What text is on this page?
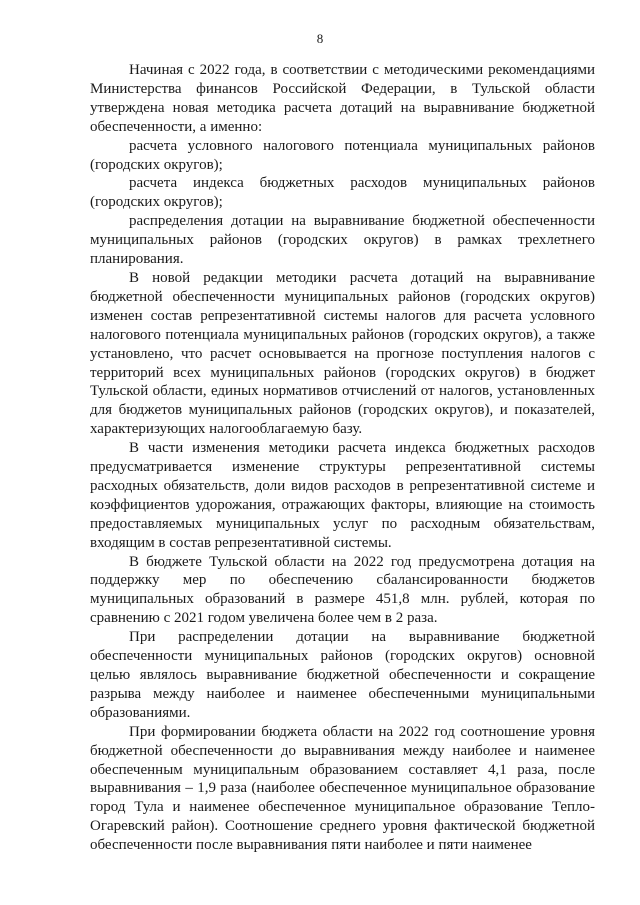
8

Начиная с 2022 года, в соответствии с методическими рекомендациями Министерства финансов Российской Федерации, в Тульской области утверждена новая методика расчета дотаций на выравнивание бюджетной обеспеченности, а именно:

расчета условного налогового потенциала муниципальных районов (городских округов);

расчета индекса бюджетных расходов муниципальных районов (городских округов);

распределения дотации на выравнивание бюджетной обеспеченности муниципальных районов (городских округов) в рамках трехлетнего планирования.

В новой редакции методики расчета дотаций на выравнивание бюджетной обеспеченности муниципальных районов (городских округов) изменен состав репрезентативной системы налогов для расчета условного налогового потенциала муниципальных районов (городских округов), а также установлено, что расчет основывается на прогнозе поступления налогов с территорий всех муниципальных районов (городских округов) в бюджет Тульской области, единых нормативов отчислений от налогов, установленных для бюджетов муниципальных районов (городских округов), и показателей, характеризующих налогооблагаемую базу.

В части изменения методики расчета индекса бюджетных расходов предусматривается изменение структуры репрезентативной системы расходных обязательств, доли видов расходов в репрезентативной системе и коэффициентов удорожания, отражающих факторы, влияющие на стоимость предоставляемых муниципальных услуг по расходным обязательствам, входящим в состав репрезентативной системы.

В бюджете Тульской области на 2022 год предусмотрена дотация на поддержку мер по обеспечению сбалансированности бюджетов муниципальных образований в размере 451,8 млн. рублей, которая по сравнению с 2021 годом увеличена более чем в 2 раза.

При распределении дотации на выравнивание бюджетной обеспеченности муниципальных районов (городских округов) основной целью являлось выравнивание бюджетной обеспеченности и сокращение разрыва между наиболее и наименее обеспеченными муниципальными образованиями.

При формировании бюджета области на 2022 год соотношение уровня бюджетной обеспеченности до выравнивания между наиболее и наименее обеспеченным муниципальным образованием составляет 4,1 раза, после выравнивания – 1,9 раза (наиболее обеспеченное муниципальное образование город Тула и наименее обеспеченное муниципальное образование Тепло-Огаревский район). Соотношение среднего уровня фактической бюджетной обеспеченности после выравнивания пяти наиболее и пяти наименее
